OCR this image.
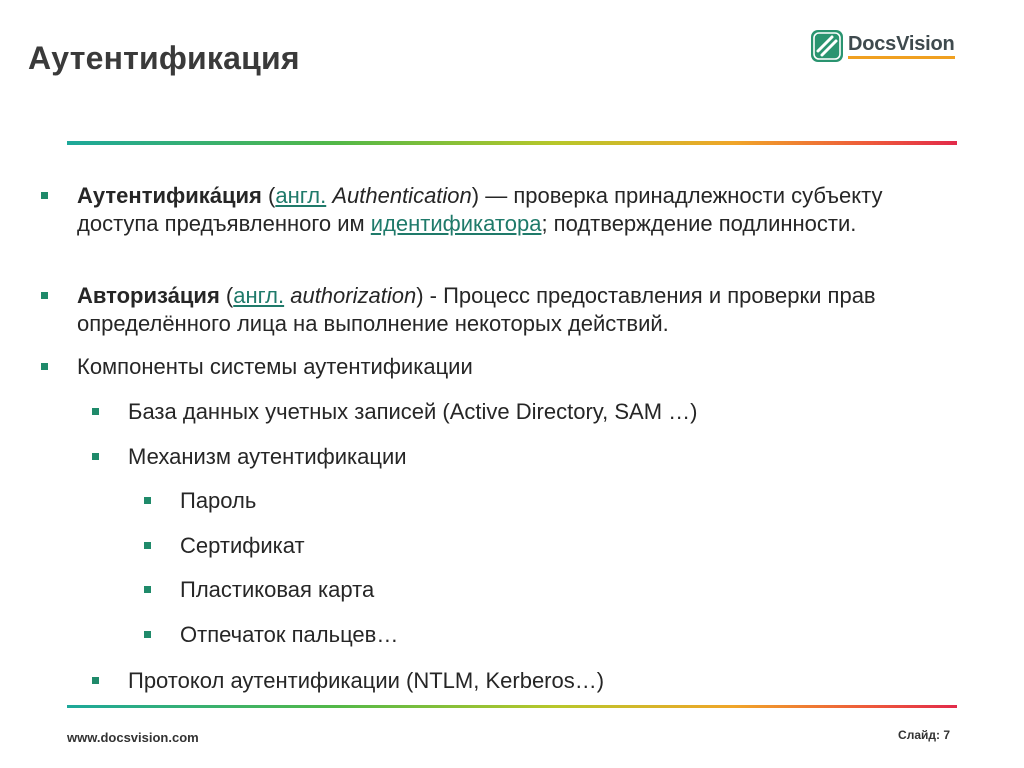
Аутентификация	DocsVision
Аутентифика́ция (англ. Authentication) — проверка принадлежности субъекту доступа предъявленного им идентификатора; подтверждение подлинности.
Авториза́ция (англ. authorization) - Процесс предоставления и проверки прав определённого лица на выполнение некоторых действий.
Компоненты системы аутентификации
База данных учетных записей (Active Directory, SAM …)
Механизм аутентификации
Пароль
Сертификат
Пластиковая карта
Отпечаток пальцев…
Протокол аутентификации (NTLM, Kerberos…)
www.docsvision.com	Слайд: 7
